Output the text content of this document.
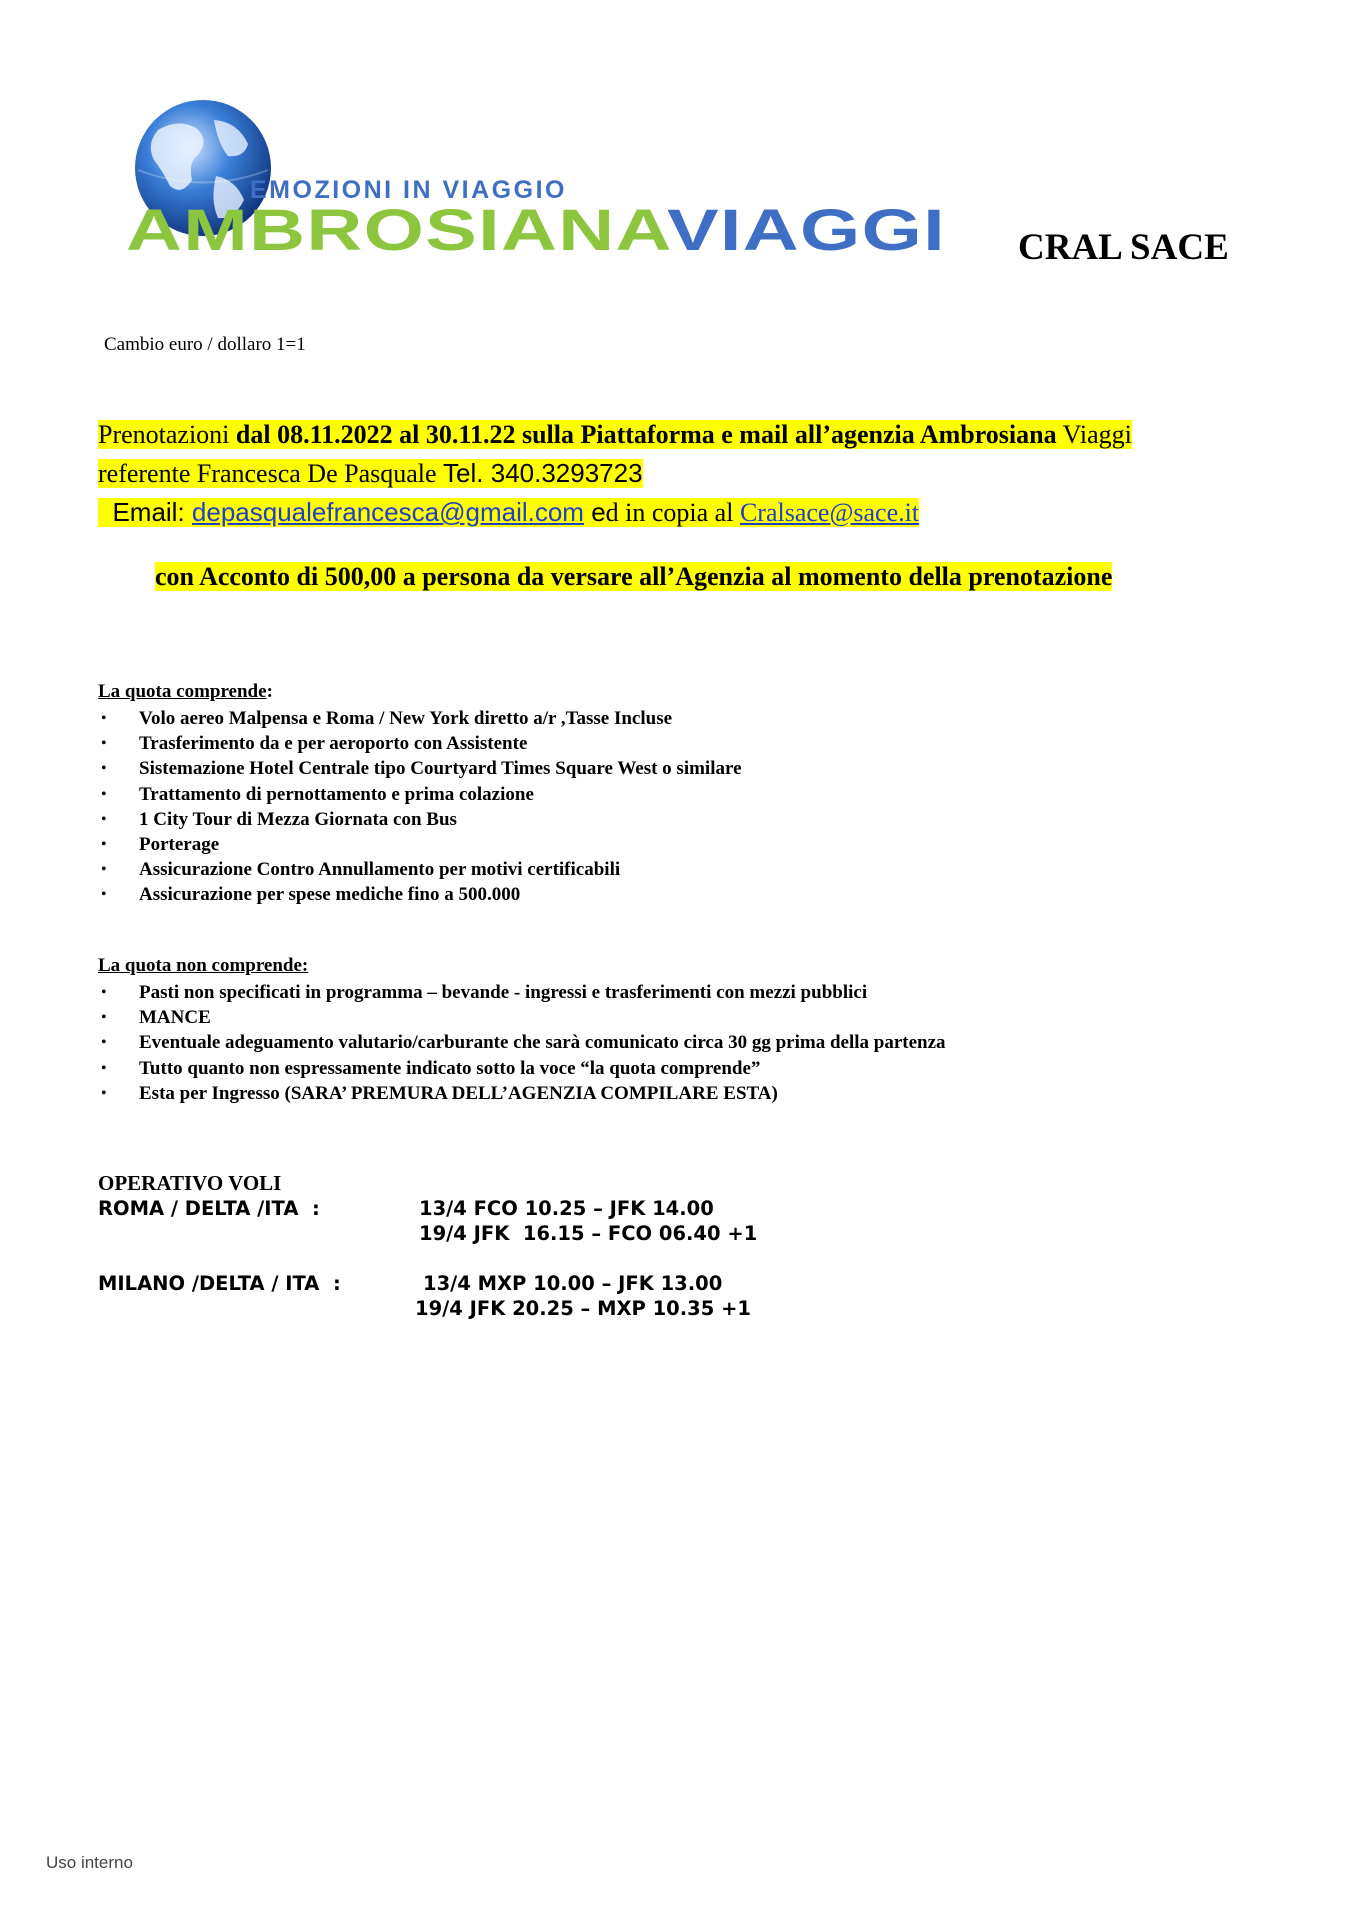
EMOZIONI IN VIAGGIO
AMBROSIANA VIAGGI	CRAL SACE
Cambio euro / dollaro 1=1
Prenotazioni dal 08.11.2022 al 30.11.22 sulla Piattaforma e mail all’agenzia Ambrosiana Viaggi
referente Francesca De Pasquale Tel. 340.3293723
Email: depasqualefrancesca@gmail.com ed in copia al Cralsace@sace.it
con Acconto di 500,00 a persona da versare all’Agenzia al momento della prenotazione
La quota comprende:
• Volo aereo Malpensa e Roma / New York diretto a/r ,Tasse Incluse
• Trasferimento da e per aeroporto con Assistente
• Sistemazione Hotel Centrale tipo Courtyard Times Square West o similare
• Trattamento di pernottamento e prima colazione
• 1 City Tour di Mezza Giornata con Bus
• Porterage
• Assicurazione Contro Annullamento per motivi certificabili
• Assicurazione per spese mediche fino a 500.000
La quota non comprende:
• Pasti non specificati in programma – bevande - ingressi e trasferimenti con mezzi pubblici
• MANCE
• Eventuale adeguamento valutario/carburante che sarà comunicato circa 30 gg prima della partenza
• Tutto quanto non espressamente indicato sotto la voce “la quota comprende”
• Esta per Ingresso (SARA’ PREMURA DELL’AGENZIA COMPILARE ESTA)
OPERATIVO VOLI
ROMA / DELTA /ITA  :	13/4 FCO 10.25 – JFK 14.00
19/4 JFK  16.15 – FCO 06.40 +1
MILANO /DELTA / ITA  :	13/4 MXP 10.00 – JFK 13.00
19/4 JFK 20.25 – MXP 10.35 +1
Uso interno
